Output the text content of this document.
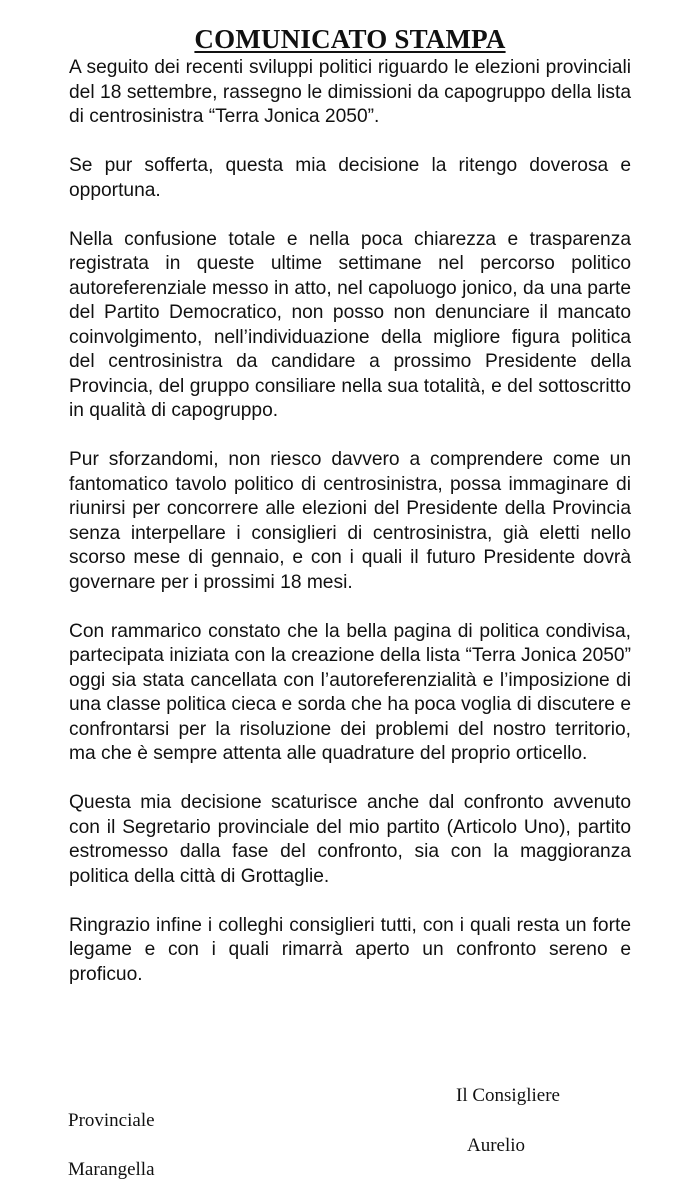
COMUNICATO STAMPA

A seguito dei recenti sviluppi politici riguardo le elezioni provinciali del 18 settembre, rassegno le dimissioni da capogruppo della lista di centrosinistra “Terra Jonica 2050”.

Se pur sofferta, questa mia decisione la ritengo doverosa e opportuna.

Nella confusione totale e nella poca chiarezza e trasparenza registrata in queste ultime settimane nel percorso politico autoreferenziale messo in atto, nel capoluogo jonico, da una parte del Partito Democratico, non posso non denunciare il mancato coinvolgimento, nell’individuazione della migliore figura politica del centrosinistra da candidare a prossimo Presidente della Provincia, del gruppo consiliare nella sua totalità, e del sottoscritto in qualità di capogruppo.

Pur sforzandomi, non riesco davvero a comprendere come un fantomatico tavolo politico di centrosinistra, possa immaginare di riunirsi per concorrere alle elezioni del Presidente della Provincia senza interpellare i consiglieri di centrosinistra, già eletti nello scorso mese di gennaio, e con i quali il futuro Presidente dovrà governare per i prossimi 18 mesi.

Con rammarico constato che la bella pagina di politica condivisa, partecipata iniziata con la creazione della lista “Terra Jonica 2050” oggi sia stata cancellata con l’autoreferenzialità e l’imposizione di una classe politica cieca e sorda che ha poca voglia di discutere e confrontarsi per la risoluzione dei problemi del nostro territorio, ma che è sempre attenta alle quadrature del proprio orticello.

Questa mia decisione scaturisce anche dal confronto avvenuto con il Segretario provinciale del mio partito (Articolo Uno), partito estromesso dalla fase del confronto, sia con la maggioranza politica della città di Grottaglie.

Ringrazio infine i colleghi consiglieri tutti, con i quali resta un forte legame e con i quali rimarrà aperto un confronto sereno e proficuo.

Il Consigliere
Provinciale
Aurelio
Marangella
